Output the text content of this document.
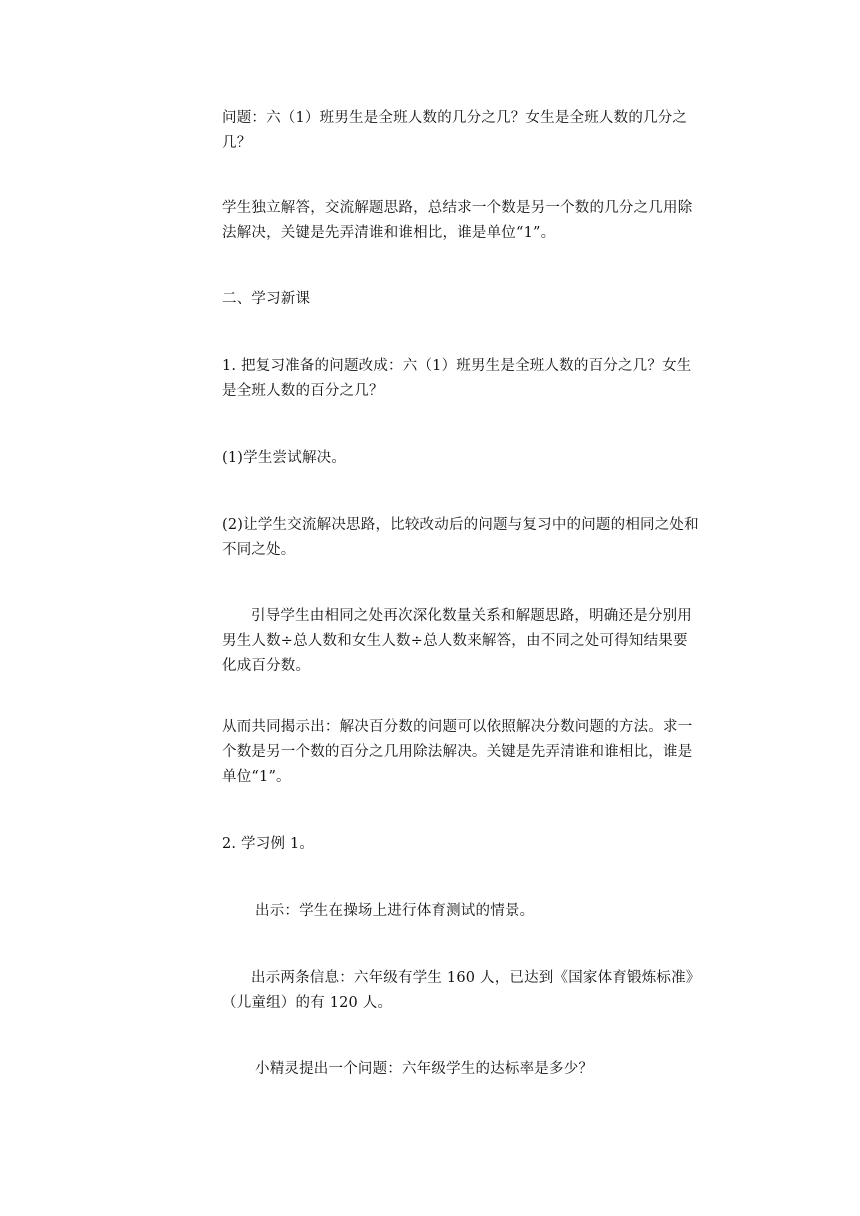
问题：六（1）班男生是全班人数的几分之几？女生是全班人数的几分之几？

学生独立解答，交流解题思路，总结求一个数是另一个数的几分之几用除法解决，关键是先弄清谁和谁相比，谁是单位“1”。

二、学习新课

1. 把复习准备的问题改成：六（1）班男生是全班人数的百分之几？女生是全班人数的百分之几？

(1)学生尝试解决。

(2)让学生交流解决思路，比较改动后的问题与复习中的问题的相同之处和不同之处。

引导学生由相同之处再次深化数量关系和解题思路，明确还是分别用男生人数÷总人数和女生人数÷总人数来解答，由不同之处可得知结果要化成百分数。

从而共同揭示出：解决百分数的问题可以依照解决分数问题的方法。求一个数是另一个数的百分之几用除法解决。关键是先弄清谁和谁相比，谁是单位“1”。

2. 学习例 1。

出示：学生在操场上进行体育测试的情景。

出示两条信息：六年级有学生 160 人，已达到《国家体育锻炼标准》（儿童组）的有 120 人。

小精灵提出一个问题：六年级学生的达标率是多少？
